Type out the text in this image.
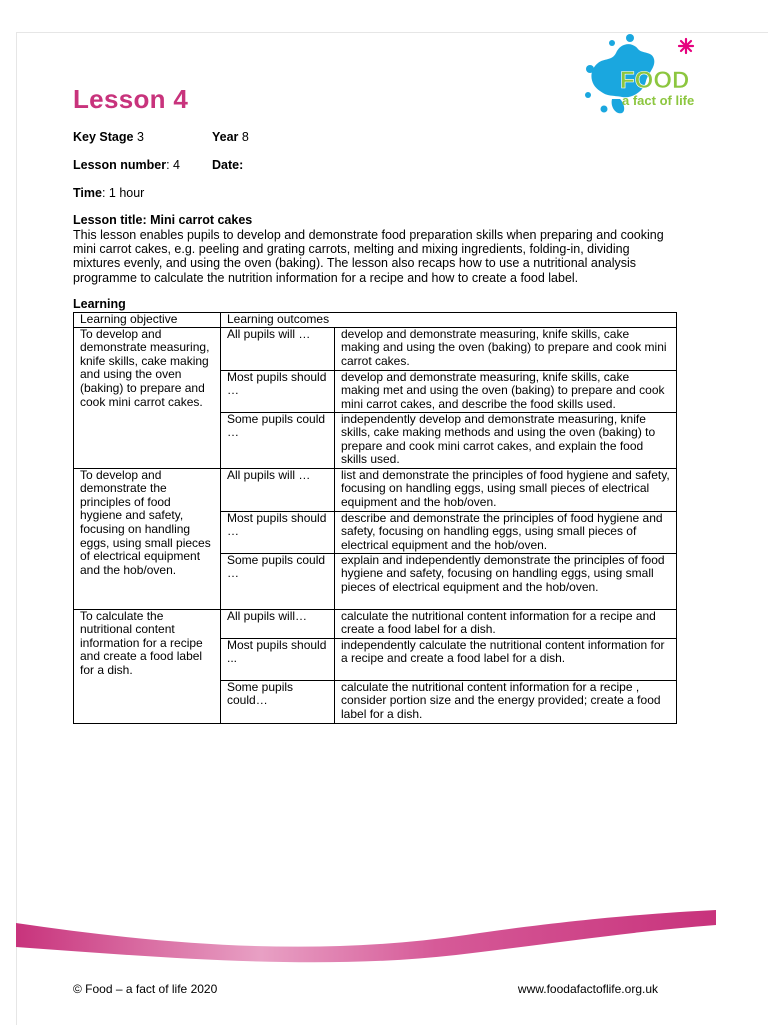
Lesson 4
FOOD
a fact of life
Key Stage 3	Year 8
Lesson number: 4	Date:
Time: 1 hour
Lesson title: Mini carrot cakes
This lesson enables pupils to develop and demonstrate food preparation skills when preparing and cooking mini carrot cakes, e.g. peeling and grating carrots, melting and mixing ingredients, folding-in, dividing mixtures evenly, and using the oven (baking). The lesson also recaps how to use a nutritional analysis programme to calculate the nutrition information for a recipe and how to create a food label.
Learning
Learning objective	Learning outcomes	
To develop and demonstrate measuring, knife skills, cake making and using the oven (baking) to prepare and cook mini carrot cakes.	All pupils will …	develop and demonstrate measuring, knife skills, cake making and using the oven (baking) to prepare and cook mini carrot cakes.
	Most pupils should …	develop and demonstrate measuring, knife skills, cake making met and using the oven (baking) to prepare and cook mini carrot cakes, and describe the food skills used.
	Some pupils could …	independently develop and demonstrate measuring, knife skills, cake making methods and using the oven (baking) to prepare and cook mini carrot cakes, and explain the food skills used.
To develop and demonstrate the principles of food hygiene and safety, focusing on handling eggs, using small pieces of electrical equipment and the hob/oven.	All pupils will …	list and demonstrate the principles of food hygiene and safety, focusing on handling eggs, using small pieces of electrical equipment and the hob/oven.
	Most pupils should …	describe and demonstrate the principles of food hygiene and safety, focusing on handling eggs, using small pieces of electrical equipment and the hob/oven.
	Some pupils could …	explain and independently demonstrate the principles of food hygiene and safety, focusing on handling eggs, using small pieces of electrical equipment and the hob/oven.
To calculate the nutritional content information for a recipe and create a food label for a dish.	All pupils will…	calculate the nutritional content information for a recipe and create a food label for a dish.
	Most pupils should ...	independently calculate the nutritional content information for a recipe and create a food label for a dish.
	Some pupils could…	calculate the nutritional content information for a recipe , consider portion size and the energy provided; create a food label for a dish.
© Food – a fact of life 2020	www.foodafactoflife.org.uk
